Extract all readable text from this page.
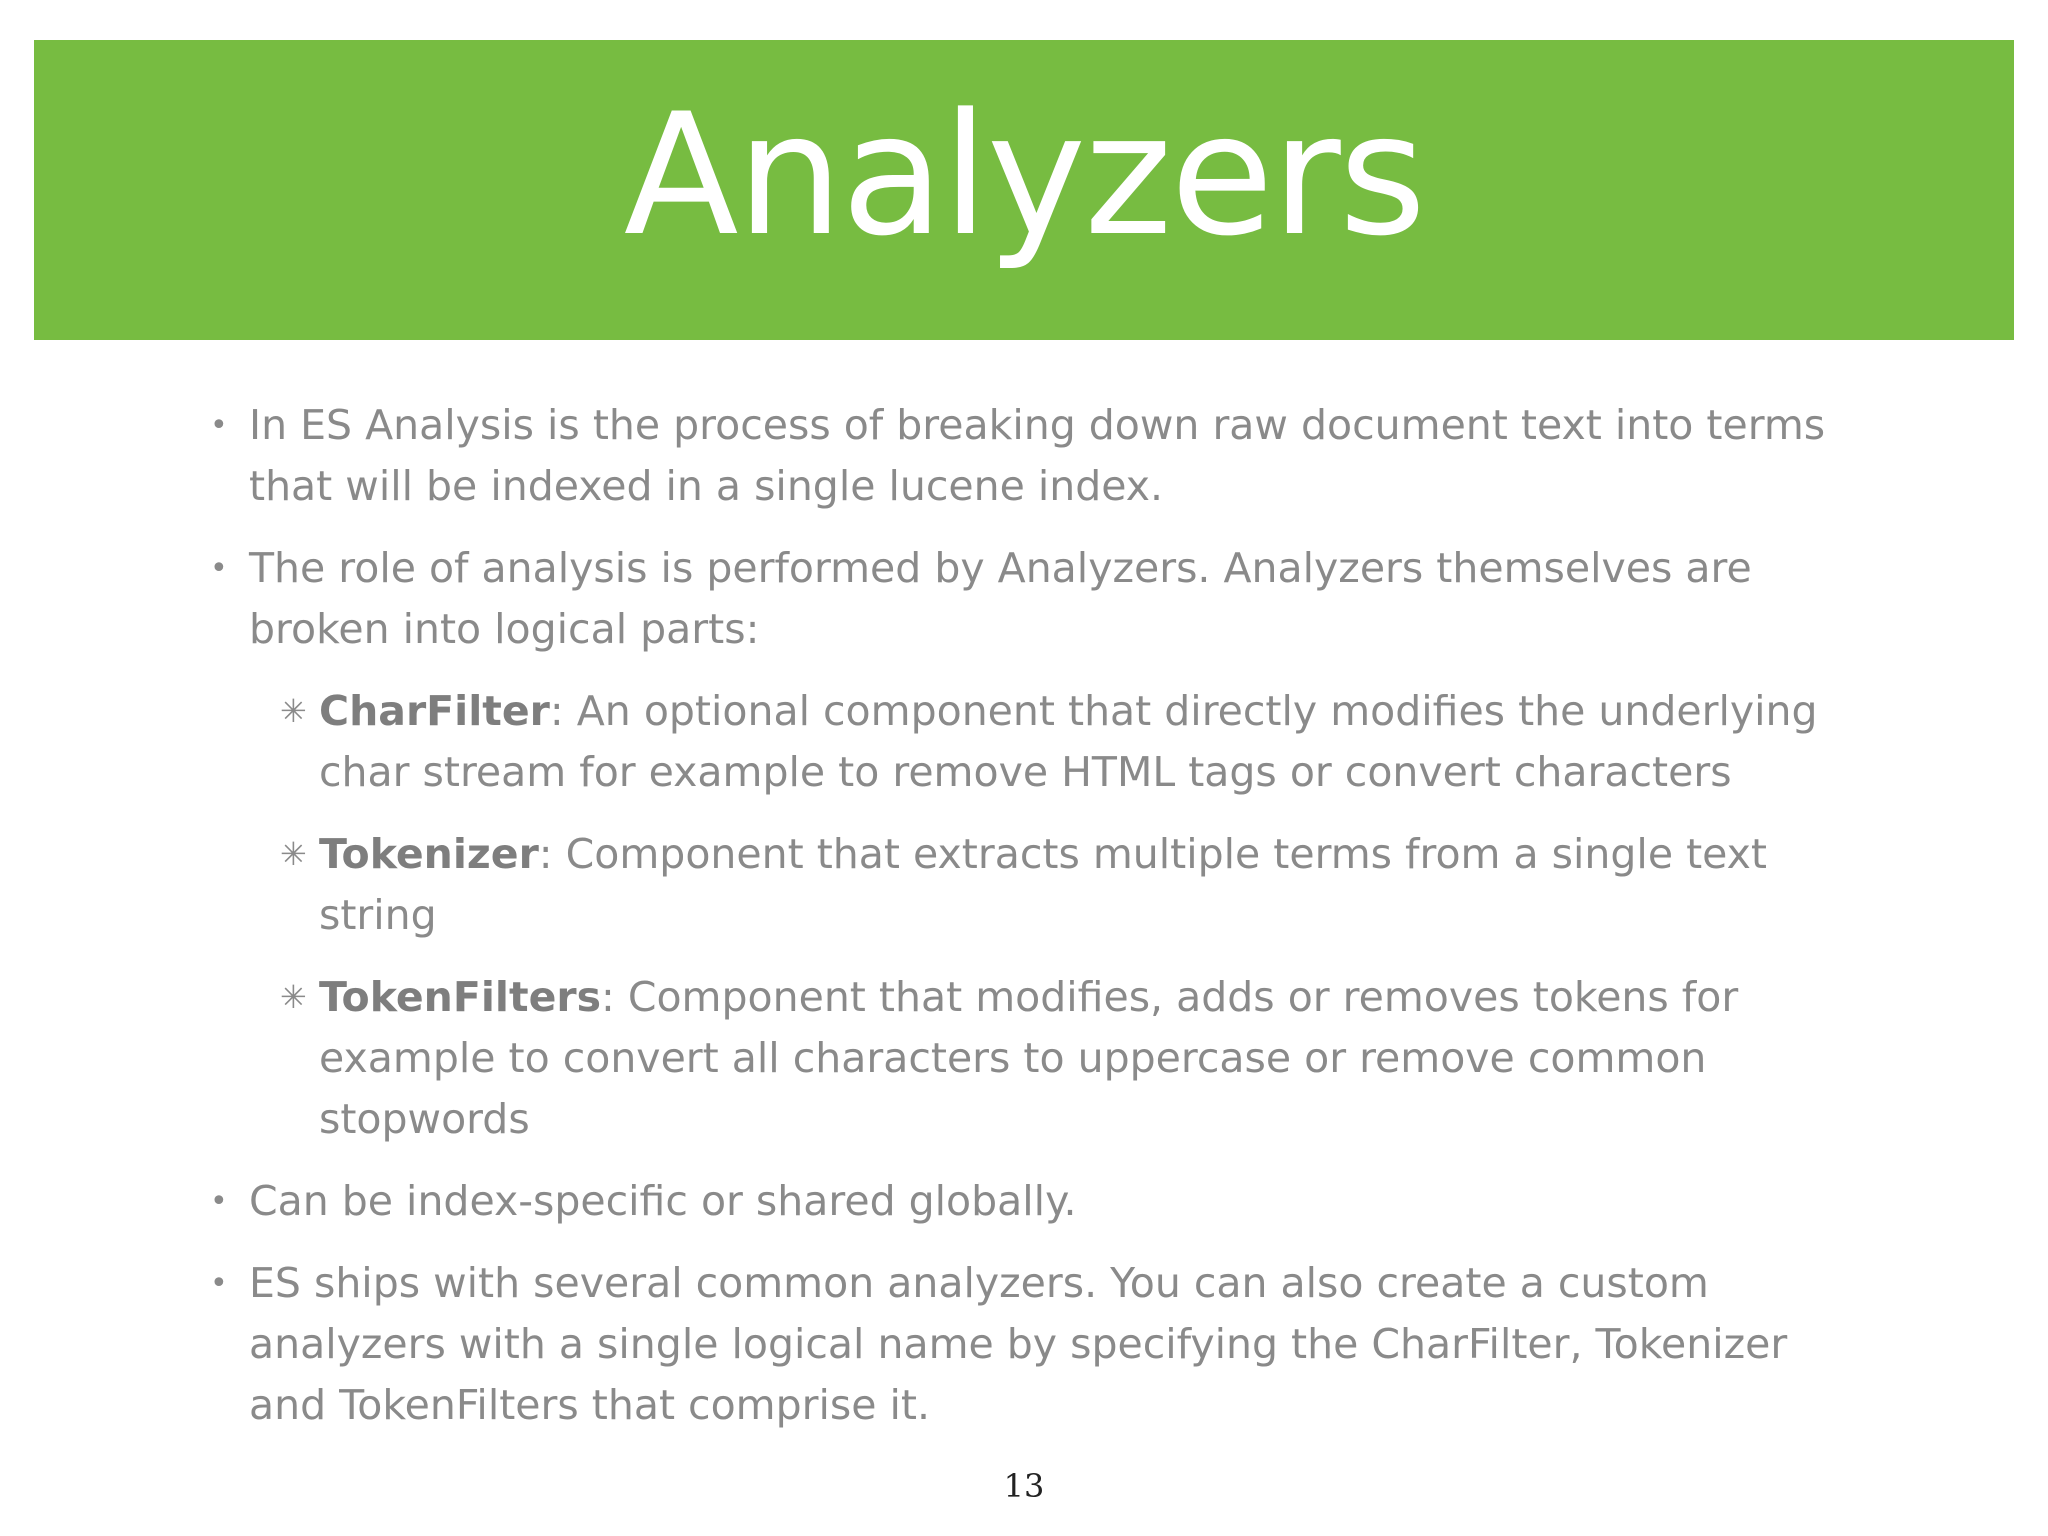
Analyzers
• In ES Analysis is the process of breaking down raw document text into terms that will be indexed in a single lucene index.
• The role of analysis is performed by Analyzers. Analyzers themselves are broken into logical parts:
✳ CharFilter: An optional component that directly modifies the underlying char stream for example to remove HTML tags or convert characters
✳ Tokenizer: Component that extracts multiple terms from a single text string
✳ TokenFilters: Component that modifies, adds or removes tokens for example to convert all characters to uppercase or remove common stopwords
• Can be index-specific or shared globally.
• ES ships with several common analyzers. You can also create a custom analyzers with a single logical name by specifying the CharFilter, Tokenizer and TokenFilters that comprise it.
13
